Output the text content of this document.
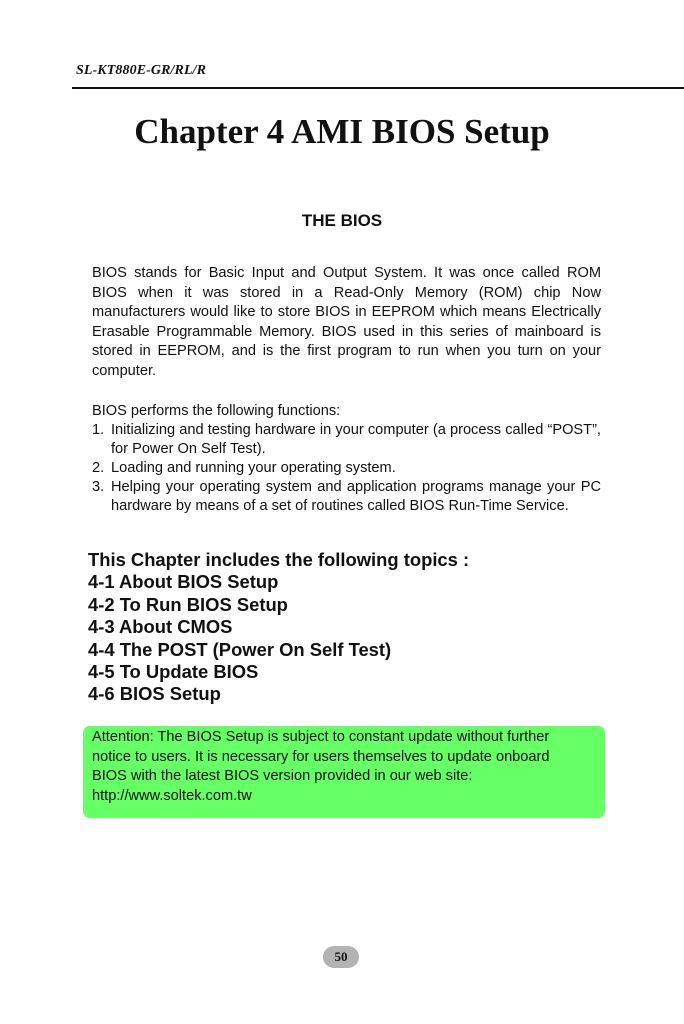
SL-KT880E-GR/RL/R
Chapter 4 AMI BIOS Setup
THE BIOS
BIOS stands for Basic Input and Output System. It was once called ROM BIOS when it was stored in a Read-Only Memory (ROM) chip Now manufacturers would like to store BIOS in EEPROM which means Electrically Erasable Programmable Memory. BIOS used in this series of mainboard is stored in EEPROM, and is the first program to run when you turn on your computer.
BIOS performs the following functions:
1. Initializing and testing hardware in your computer (a process called “POST”, for Power On Self Test).
2. Loading and running your operating system.
3. Helping your operating system and application programs manage your PC hardware by means of a set of routines called BIOS Run-Time Service.
This Chapter includes the following topics :
4-1 About BIOS Setup
4-2 To Run BIOS Setup
4-3 About CMOS
4-4 The POST (Power On Self Test)
4-5 To Update BIOS
4-6 BIOS Setup
Attention: The BIOS Setup is subject to constant update without further
notice to users. It is necessary for users themselves to update onboard
BIOS with the latest BIOS version provided in our web site:
http://www.soltek.com.tw
50
